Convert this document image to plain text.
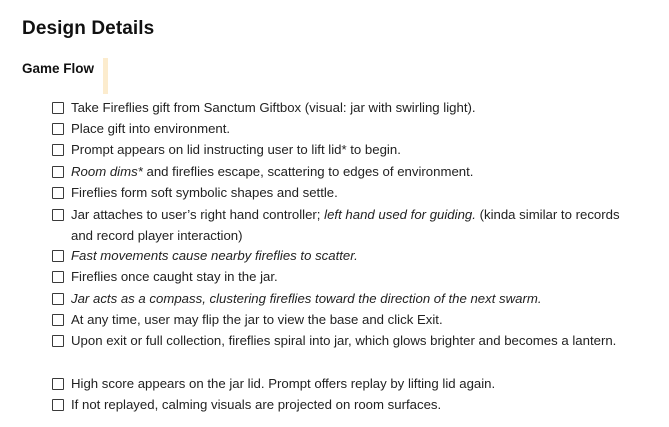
Design Details
Game Flow
Take Fireflies gift from Sanctum Giftbox (visual: jar with swirling light).
Place gift into environment.
Prompt appears on lid instructing user to lift lid* to begin.
Room dims* and fireflies escape, scattering to edges of environment.
Fireflies form soft symbolic shapes and settle.
Jar attaches to user’s right hand controller; left hand used for guiding. (kinda similar to records and record player interaction)
Fast movements cause nearby fireflies to scatter.
Fireflies once caught stay in the jar.
Jar acts as a compass, clustering fireflies toward the direction of the next swarm.
At any time, user may flip the jar to view the base and click Exit.
Upon exit or full collection, fireflies spiral into jar, which glows brighter and becomes a lantern.
High score appears on the jar lid. Prompt offers replay by lifting lid again.
If not replayed, calming visuals are projected on room surfaces.
